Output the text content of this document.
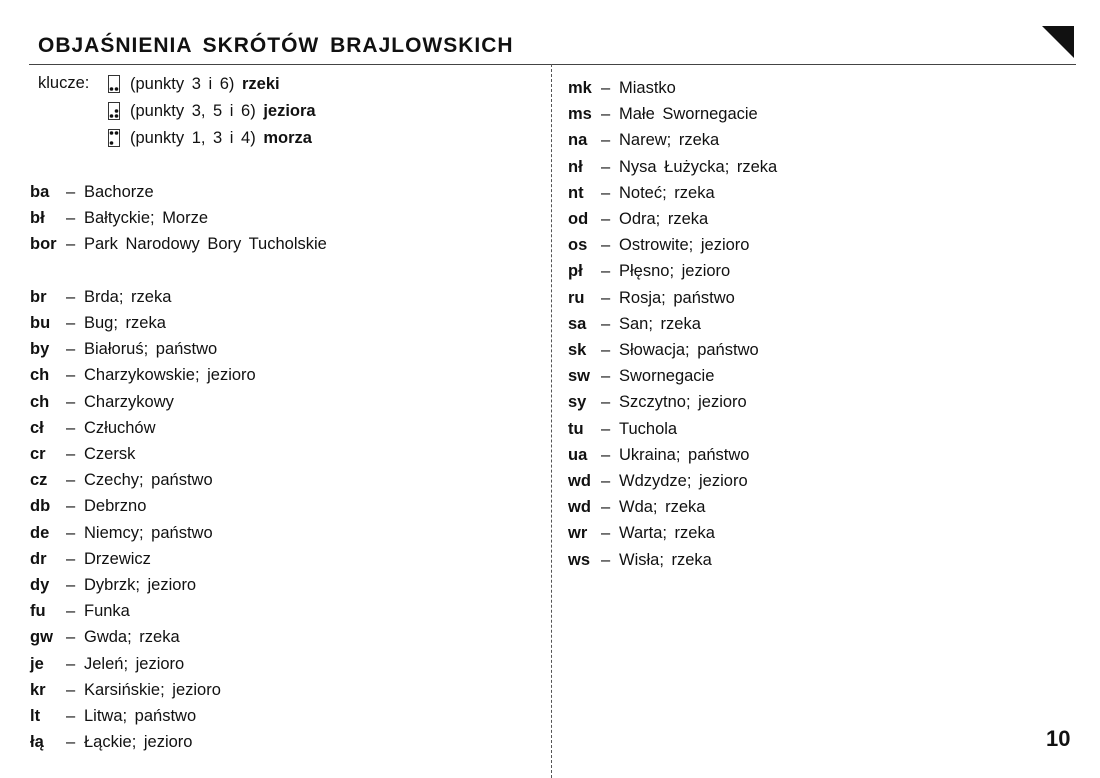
OBJAŚNIENIA SKRÓTÓW BRAJLOWSKICH
klucze: (punkty 3 i 6) rzeki
(punkty 3, 5 i 6) jeziora
(punkty 1, 3 i 4) morza
ba	– Bachorze
bł	– Bałtyckie; Morze
bor – Park Narodowy Bory Tucholskie
br	– Brda; rzeka
bu – Bug; rzeka
by	– Białoruś; państwo
ch	– Charzykowskie; jezioro
ch	– Charzykowy
cł	– Człuchów
cr	– Czersk
cz	– Czechy; państwo
db – Debrzno
de	– Niemcy; państwo
dr	– Drzewicz
dy	– Dybrzk; jezioro
fu	– Funka
gw – Gwda; rzeka
je	– Jeleń; jezioro
kr	– Karsińskie; jezioro
lt	– Litwa; państwo
łą	– Łąckie; jezioro
mk – Miastko
ms – Małe Swornegacie
na – Narew; rzeka
nł	– Nysa Łużycka; rzeka
nt	– Noteć; rzeka
od – Odra; rzeka
os – Ostrowite; jezioro
pł	– Płęsno; jezioro
ru	– Rosja; państwo
sa – San; rzeka
sk – Słowacja; państwo
sw – Swornegacie
sy – Szczytno; jezioro
tu	– Tuchola
ua – Ukraina; państwo
wd – Wdzydze; jezioro
wd – Wda; rzeka
wr – Warta; rzeka
ws – Wisła; rzeka
10
